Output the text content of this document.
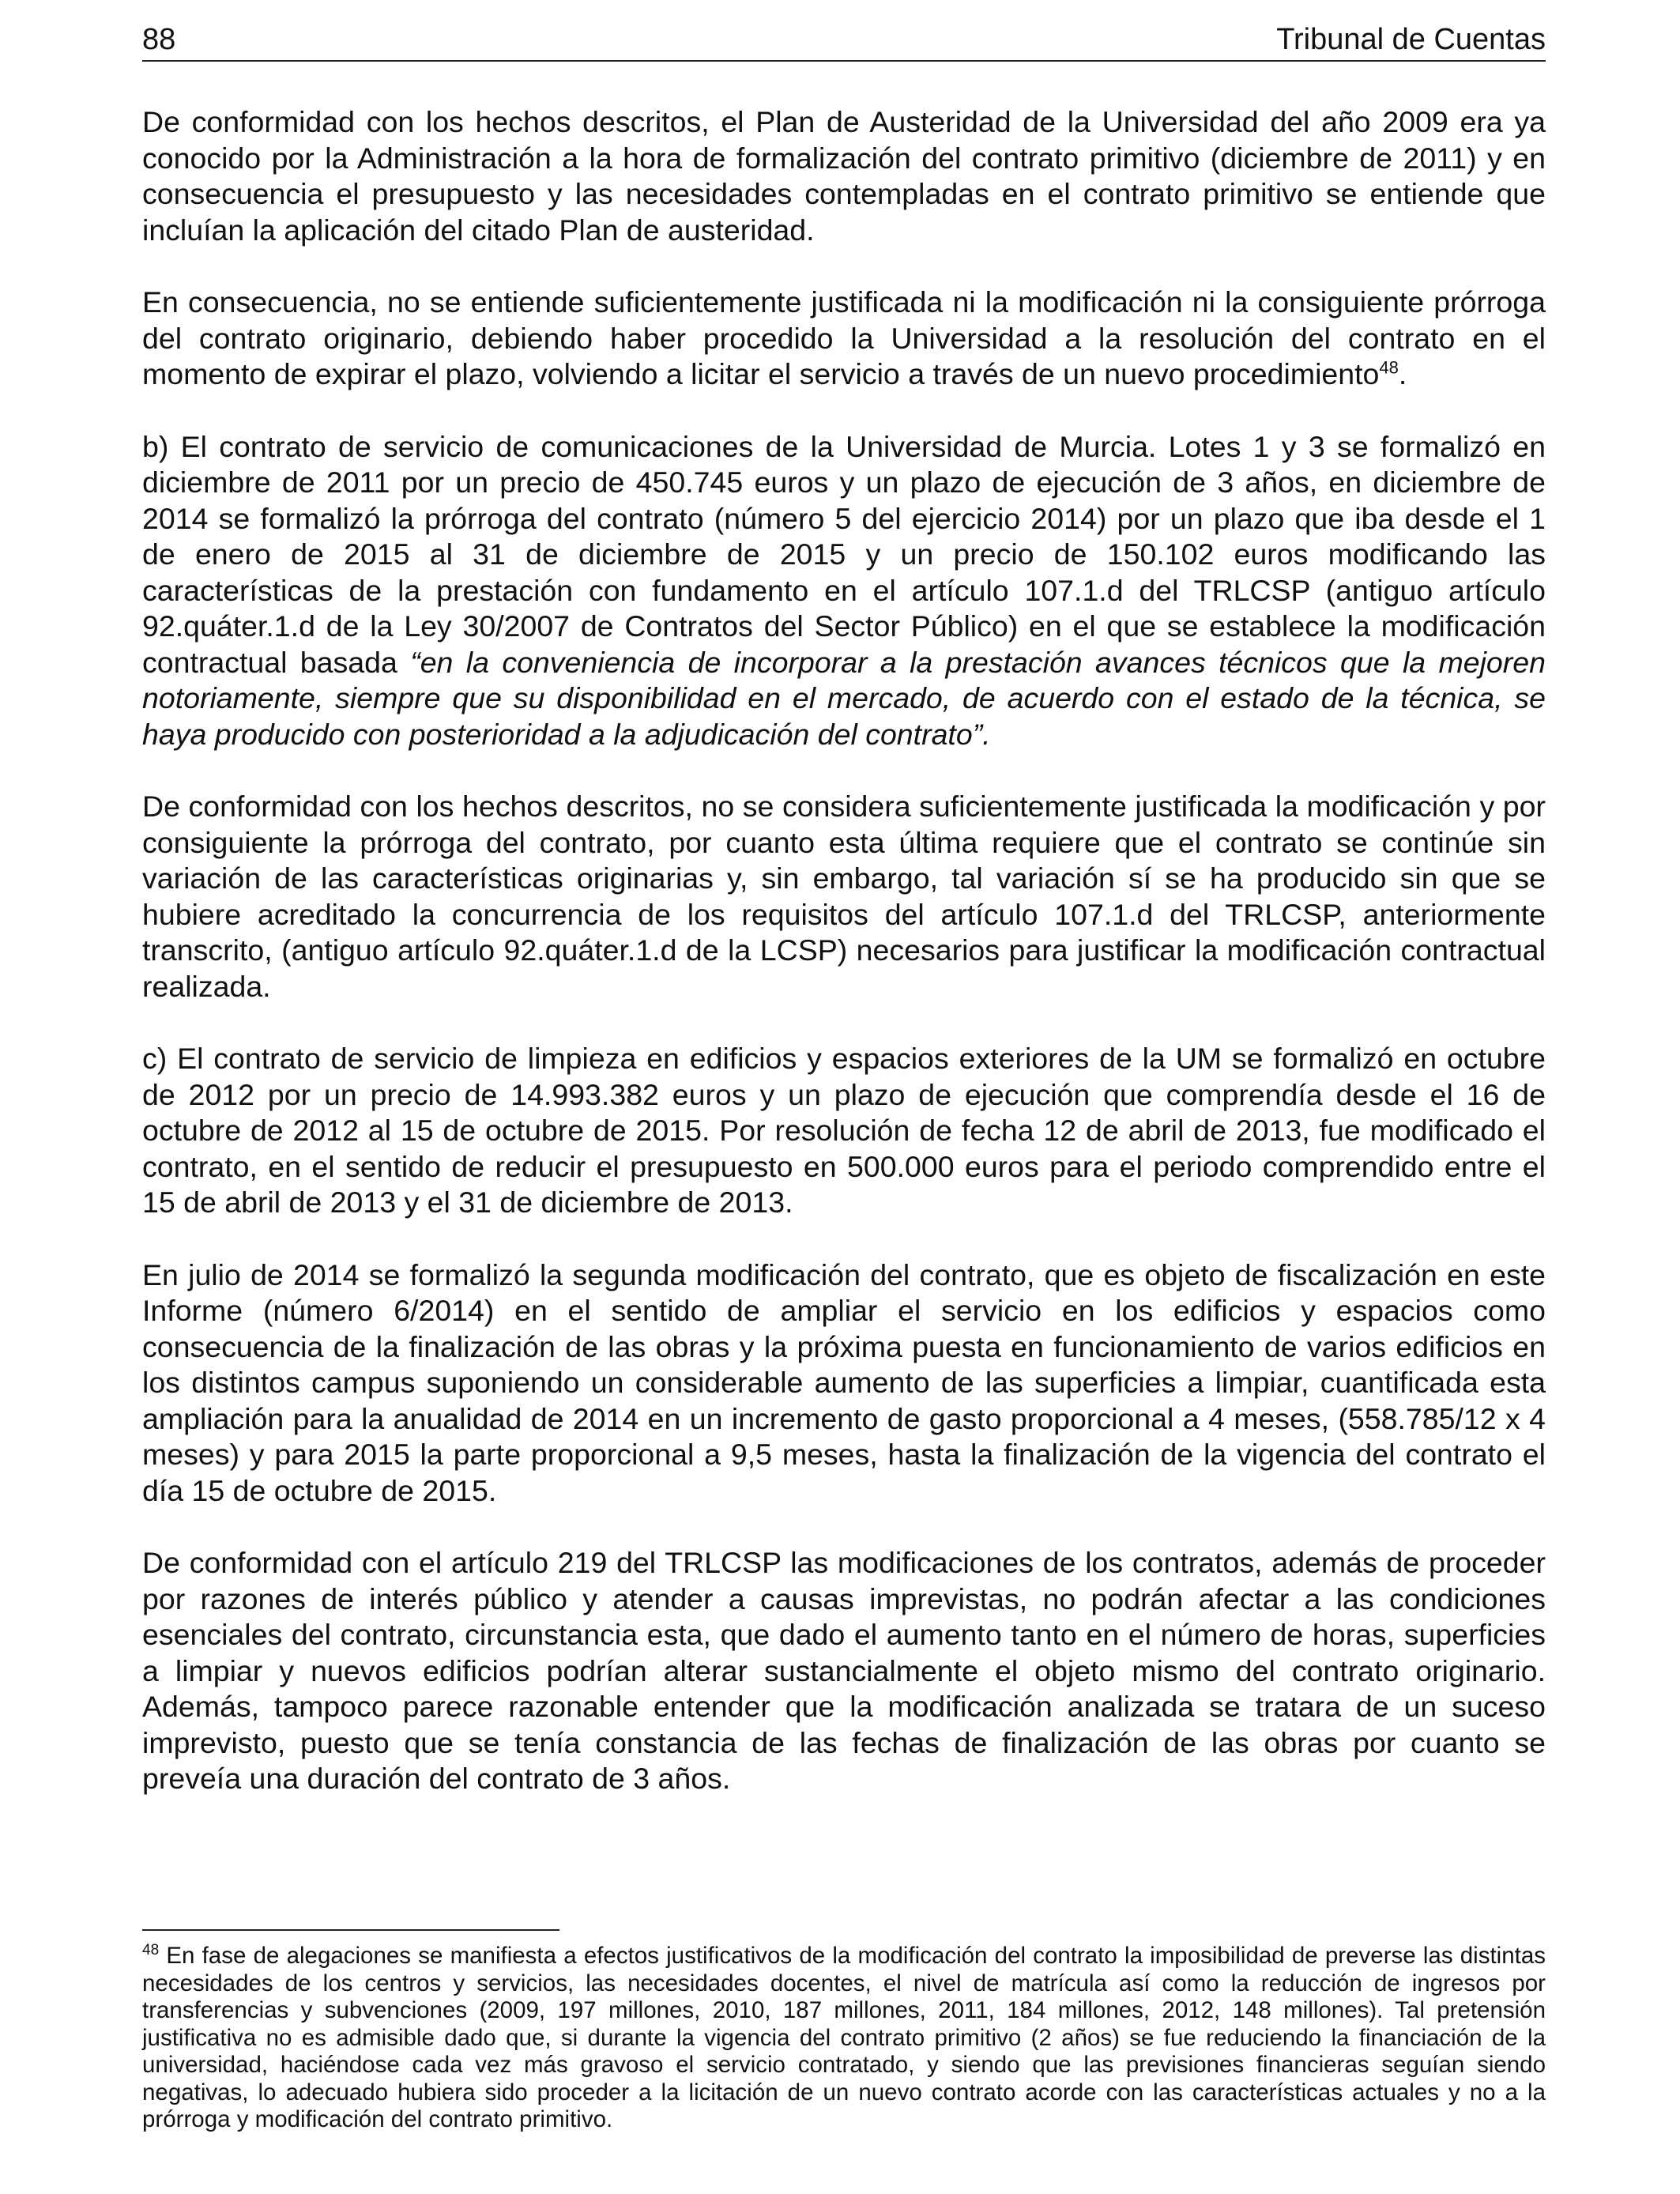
88	Tribunal de Cuentas

De conformidad con los hechos descritos, el Plan de Austeridad de la Universidad del año 2009 era ya conocido por la Administración a la hora de formalización del contrato primitivo (diciembre de 2011) y en consecuencia el presupuesto y las necesidades contempladas en el contrato primitivo se entiende que incluían la aplicación del citado Plan de austeridad.

En consecuencia, no se entiende suficientemente justificada ni la modificación ni la consiguiente prórroga del contrato originario, debiendo haber procedido la Universidad a la resolución del contrato en el momento de expirar el plazo, volviendo a licitar el servicio a través de un nuevo procedimiento$^{48}$.

b) El contrato de servicio de comunicaciones de la Universidad de Murcia. Lotes 1 y 3 se formalizó en diciembre de 2011 por un precio de 450.745 euros y un plazo de ejecución de 3 años, en diciembre de 2014 se formalizó la prórroga del contrato (número 5 del ejercicio 2014) por un plazo que iba desde el 1 de enero de 2015 al 31 de diciembre de 2015 y un precio de 150.102 euros modificando las características de la prestación con fundamento en el artículo 107.1.d del TRLCSP (antiguo artículo 92.quáter.1.d de la Ley 30/2007 de Contratos del Sector Público) en el que se establece la modificación contractual basada “en la conveniencia de incorporar a la prestación avances técnicos que la mejoren notoriamente, siempre que su disponibilidad en el mercado, de acuerdo con el estado de la técnica, se haya producido con posterioridad a la adjudicación del contrato”.

De conformidad con los hechos descritos, no se considera suficientemente justificada la modificación y por consiguiente la prórroga del contrato, por cuanto esta última requiere que el contrato se continúe sin variación de las características originarias y, sin embargo, tal variación sí se ha producido sin que se hubiere acreditado la concurrencia de los requisitos del artículo 107.1.d del TRLCSP, anteriormente transcrito, (antiguo artículo 92.quáter.1.d de la LCSP) necesarios para justificar la modificación contractual realizada.

c) El contrato de servicio de limpieza en edificios y espacios exteriores de la UM se formalizó en octubre de 2012 por un precio de 14.993.382 euros y un plazo de ejecución que comprendía desde el 16 de octubre de 2012 al 15 de octubre de 2015. Por resolución de fecha 12 de abril de 2013, fue modificado el contrato, en el sentido de reducir el presupuesto en 500.000 euros para el periodo comprendido entre el 15 de abril de 2013 y el 31 de diciembre de 2013.

En julio de 2014 se formalizó la segunda modificación del contrato, que es objeto de fiscalización en este Informe (número 6/2014) en el sentido de ampliar el servicio en los edificios y espacios como consecuencia de la finalización de las obras y la próxima puesta en funcionamiento de varios edificios en los distintos campus suponiendo un considerable aumento de las superficies a limpiar, cuantificada esta ampliación para la anualidad de 2014 en un incremento de gasto proporcional a 4 meses, (558.785/12 x 4 meses) y para 2015 la parte proporcional a 9,5 meses, hasta la finalización de la vigencia del contrato el día 15 de octubre de 2015.

De conformidad con el artículo 219 del TRLCSP las modificaciones de los contratos, además de proceder por razones de interés público y atender a causas imprevistas, no podrán afectar a las condiciones esenciales del contrato, circunstancia esta, que dado el aumento tanto en el número de horas, superficies a limpiar y nuevos edificios podrían alterar sustancialmente el objeto mismo del contrato originario. Además, tampoco parece razonable entender que la modificación analizada se tratara de un suceso imprevisto, puesto que se tenía constancia de las fechas de finalización de las obras por cuanto se preveía una duración del contrato de 3 años.

$^{48}$ En fase de alegaciones se manifiesta a efectos justificativos de la modificación del contrato la imposibilidad de preverse las distintas necesidades de los centros y servicios, las necesidades docentes, el nivel de matrícula así como la reducción de ingresos por transferencias y subvenciones (2009, 197 millones, 2010, 187 millones, 2011, 184 millones, 2012, 148 millones). Tal pretensión justificativa no es admisible dado que, si durante la vigencia del contrato primitivo (2 años) se fue reduciendo la financiación de la universidad, haciéndose cada vez más gravoso el servicio contratado, y siendo que las previsiones financieras seguían siendo negativas, lo adecuado hubiera sido proceder a la licitación de un nuevo contrato acorde con las características actuales y no a la prórroga y modificación del contrato primitivo.
